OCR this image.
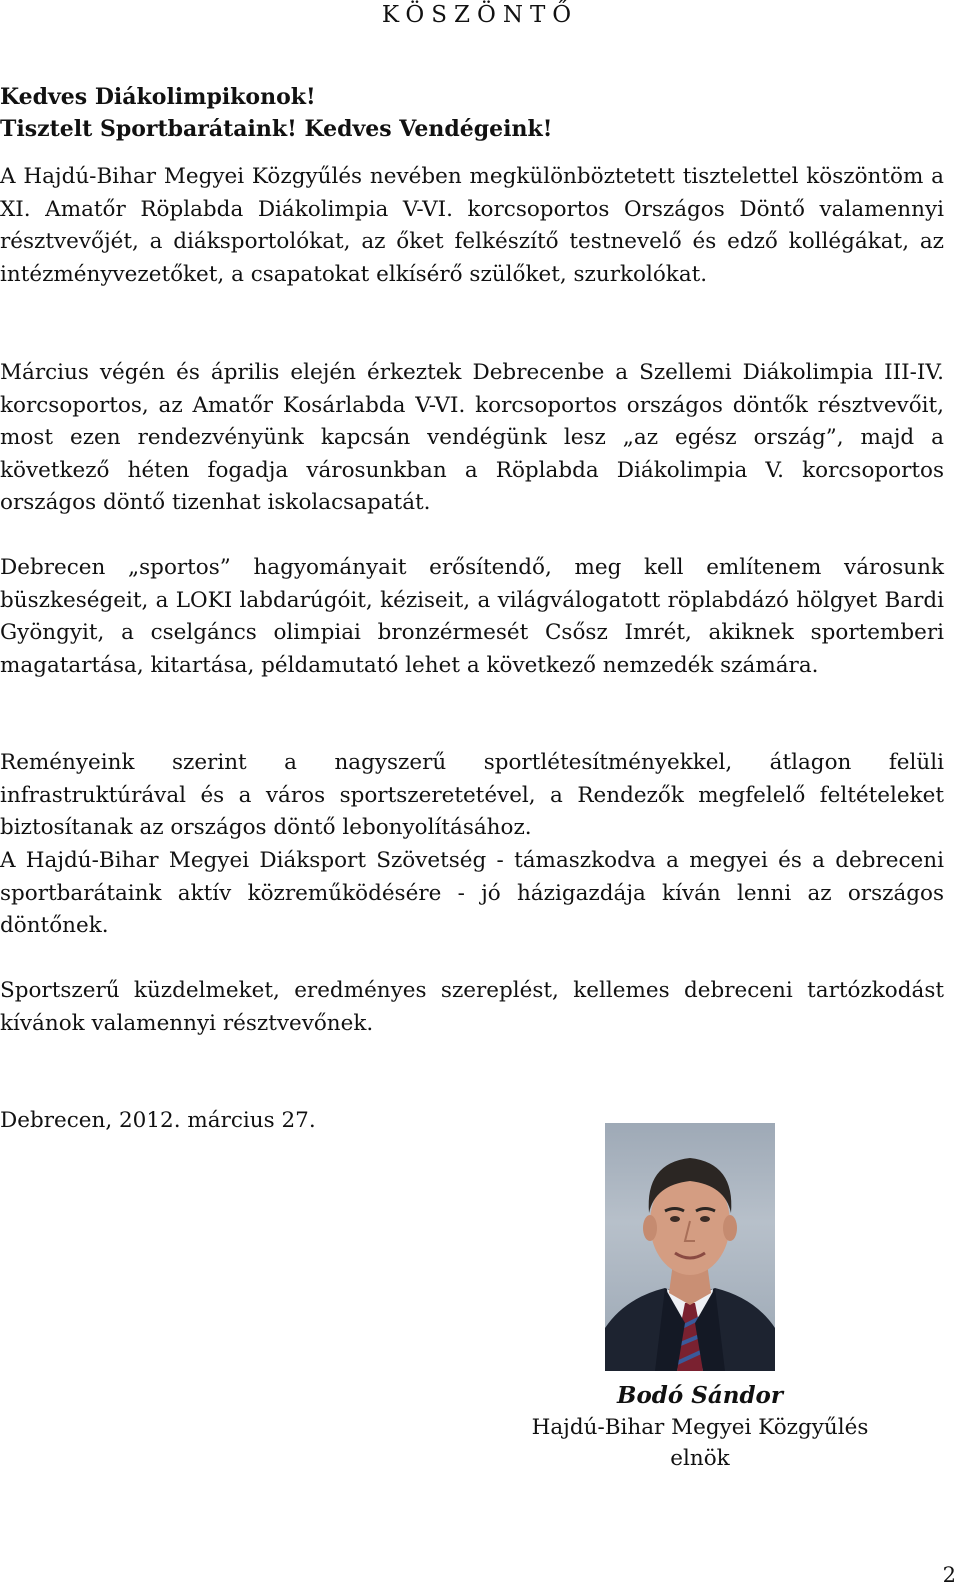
KÖSZÖNTŐ

Kedves Diákolimpikonok!

Tisztelt Sportbarátaink! Kedves Vendégeink!

A Hajdú-Bihar Megyei Közgyűlés nevében megkülönböztetett tisztelettel köszöntöm a XI. Amatőr Röplabda Diákolimpia V-VI. korcsoportos Országos Döntő valamennyi résztvevőjét, a diáksportolókat, az őket felkészítő testnevelő és edző kollégákat, az intézményvezetőket, a csapatokat elkísérő szülőket, szurkolókat.

Március végén és április elején érkeztek Debrecenbe a Szellemi Diákolimpia III-IV. korcsoportos, az Amatőr Kosárlabda V-VI. korcsoportos országos döntők résztvevőit, most ezen rendezvényünk kapcsán vendégünk lesz „az egész ország”, majd a következő héten fogadja városunkban a Röplabda Diákolimpia V. korcsoportos országos döntő tizenhat iskolacsapatát.

Debrecen „sportos” hagyományait erősítendő, meg kell említenem városunk büszkeségeit, a LOKI labdarúgóit, kéziseit, a világválogatott röplabdázó hölgyet Bardi Gyöngyit, a cselgáncs olimpiai bronzérmesét Csősz Imrét, akiknek sportemberi magatartása, kitartása, példamutató lehet a következő nemzedék számára.

Reményeink szerint a nagyszerű sportlétesítményekkel, átlagon felüli infrastruktúrával és a város sportszeretetével, a Rendezők megfelelő feltételeket biztosítanak az országos döntő lebonyolításához.

A Hajdú-Bihar Megyei Diáksport Szövetség - támaszkodva a megyei és a debreceni sportbarátaink aktív közreműködésére - jó házigazdája kíván lenni az országos döntőnek.

Sportszerű küzdelmeket, eredményes szereplést, kellemes debreceni tartózkodást kívánok valamennyi résztvevőnek.

Debrecen, 2012. március 27.

Bodó Sándor

Hajdú-Bihar Megyei Közgyűlés

elnök

2
